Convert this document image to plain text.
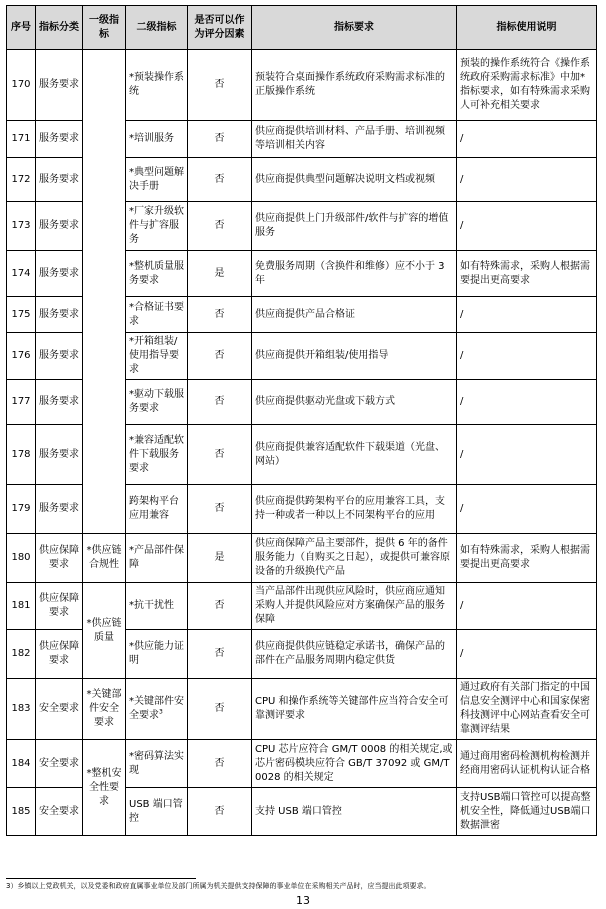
序号	指标分类	一级指标	二级指标	是否可以作为评分因素	指标要求	指标使用说明
170	服务要求		*预装操作系统	否	预装符合桌面操作系统政府采购需求标准的正版操作系统	预装的操作系统符合《操作系统政府采购需求标准》中加*指标要求，如有特殊需求采购人可补充相关要求
171	服务要求		*培训服务	否	供应商提供培训材料、产品手册、培训视频等培训相关内容	/
172	服务要求		*典型问题解决手册	否	供应商提供典型问题解决说明文档或视频	/
173	服务要求		*厂家升级软件与扩容服务	否	供应商提供上门升级部件/软件与扩容的增值服务	/
174	服务要求		*整机质量服务要求	是	免费服务周期（含换件和维修）应不小于 3 年	如有特殊需求，采购人根据需要提出更高要求
175	服务要求		*合格证书要求	否	供应商提供产品合格证	/
176	服务要求		*开箱组装/使用指导要求	否	供应商提供开箱组装/使用指导	/
177	服务要求		*驱动下载服务要求	否	供应商提供驱动光盘或下载方式	/
178	服务要求		*兼容适配软件下载服务要求	否	供应商提供兼容适配软件下载渠道（光盘、网站）	/
179	服务要求		跨架构平台应用兼容	否	供应商提供跨架构平台的应用兼容工具，支持一种或者一种以上不同架构平台的应用	/
180	供应保障要求	*供应链合规性	*产品部件保障	是	供应商保障产品主要部件，提供 6 年的备件服务能力（自购买之日起），或提供可兼容原设备的升级换代产品	如有特殊需求，采购人根据需要提出更高要求
181	供应保障要求	*供应链质量	*抗干扰性	否	当产品部件出现供应风险时，供应商应通知采购人并提供风险应对方案确保产品的服务保障	/
182	供应保障要求		*供应能力证明	否	供应商提供供应链稳定承诺书，确保产品的部件在产品服务周期内稳定供货	/
183	安全要求	*关键部件安全要求	*关键部件安全要求$^3$	否	CPU 和操作系统等关键部件应当符合安全可靠测评要求	通过政府有关部门指定的中国信息安全测评中心和国家保密科技测评中心网站查看安全可靠测评结果
184	安全要求	*整机安全性要求	*密码算法实现	否	CPU 芯片应符合 GM/T 0008 的相关规定,或芯片密码模块应符合 GB/T 37092 或 GM/T 0028 的相关规定	通过商用密码检测机构检测并经商用密码认证机构认证合格
185	安全要求		USB 端口管控	否	支持 USB 端口管控	支持USB端口管控可以提高整机安全性，降低通过USB端口数据泄密
3）乡镇以上党政机关，以及党委和政府直属事业单位及部门所属为机关提供支持保障的事业单位在采购相关产品时，应当提出此项要求。
13
